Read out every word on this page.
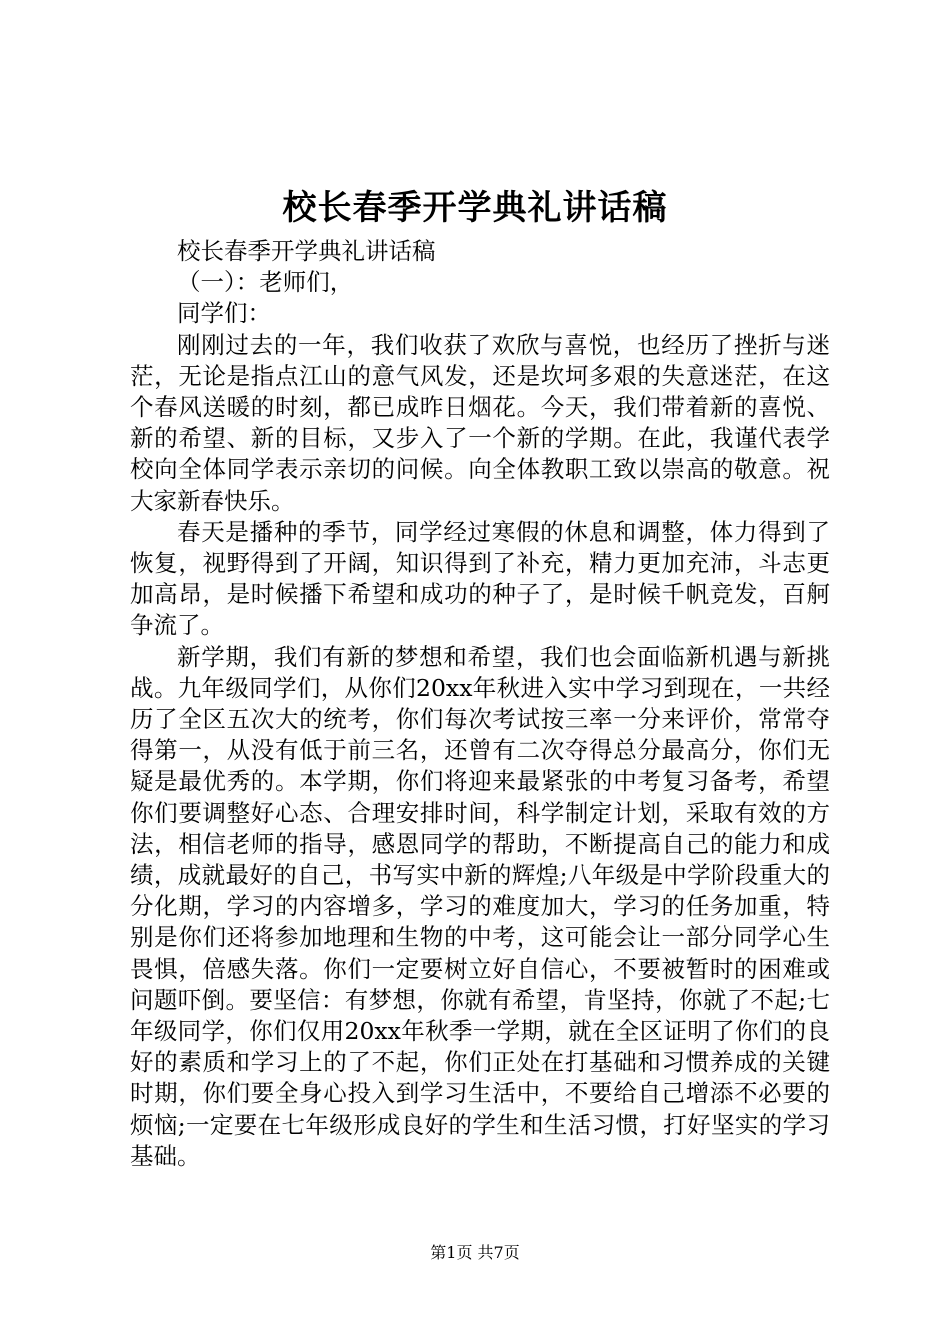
校长春季开学典礼讲话稿

校长春季开学典礼讲话稿

（一）：老师们，

同学们：

刚刚过去的一年，我们收获了欢欣与喜悦，也经历了挫折与迷茫，无论是指点江山的意气风发，还是坎坷多艰的失意迷茫，在这个春风送暖的时刻，都已成昨日烟花。今天，我们带着新的喜悦、新的希望、新的目标，又步入了一个新的学期。在此，我谨代表学校向全体同学表示亲切的问候。向全体教职工致以崇高的敬意。祝大家新春快乐。

春天是播种的季节，同学经过寒假的休息和调整，体力得到了恢复，视野得到了开阔，知识得到了补充，精力更加充沛，斗志更加高昂，是时候播下希望和成功的种子了，是时候千帆竞发，百舸争流了。

新学期，我们有新的梦想和希望，我们也会面临新机遇与新挑战。九年级同学们，从你们20xx年秋进入实中学习到现在，一共经历了全区五次大的统考，你们每次考试按三率一分来评价，常常夺得第一，从没有低于前三名，还曾有二次夺得总分最高分，你们无疑是最优秀的。本学期，你们将迎来最紧张的中考复习备考，希望你们要调整好心态、合理安排时间，科学制定计划，采取有效的方法，相信老师的指导，感恩同学的帮助，不断提高自己的能力和成绩，成就最好的自己，书写实中新的辉煌;八年级是中学阶段重大的分化期，学习的内容增多，学习的难度加大，学习的任务加重，特别是你们还将参加地理和生物的中考，这可能会让一部分同学心生畏惧，倍感失落。你们一定要树立好自信心，不要被暂时的困难或问题吓倒。要坚信：有梦想，你就有希望，肯坚持，你就了不起;七年级同学，你们仅用20xx年秋季一学期，就在全区证明了你们的良好的素质和学习上的了不起，你们正处在打基础和习惯养成的关键时期，你们要全身心投入到学习生活中，不要给自己增添不必要的烦恼;一定要在七年级形成良好的学生和生活习惯，打好坚实的学习基础。

第1页 共7页
